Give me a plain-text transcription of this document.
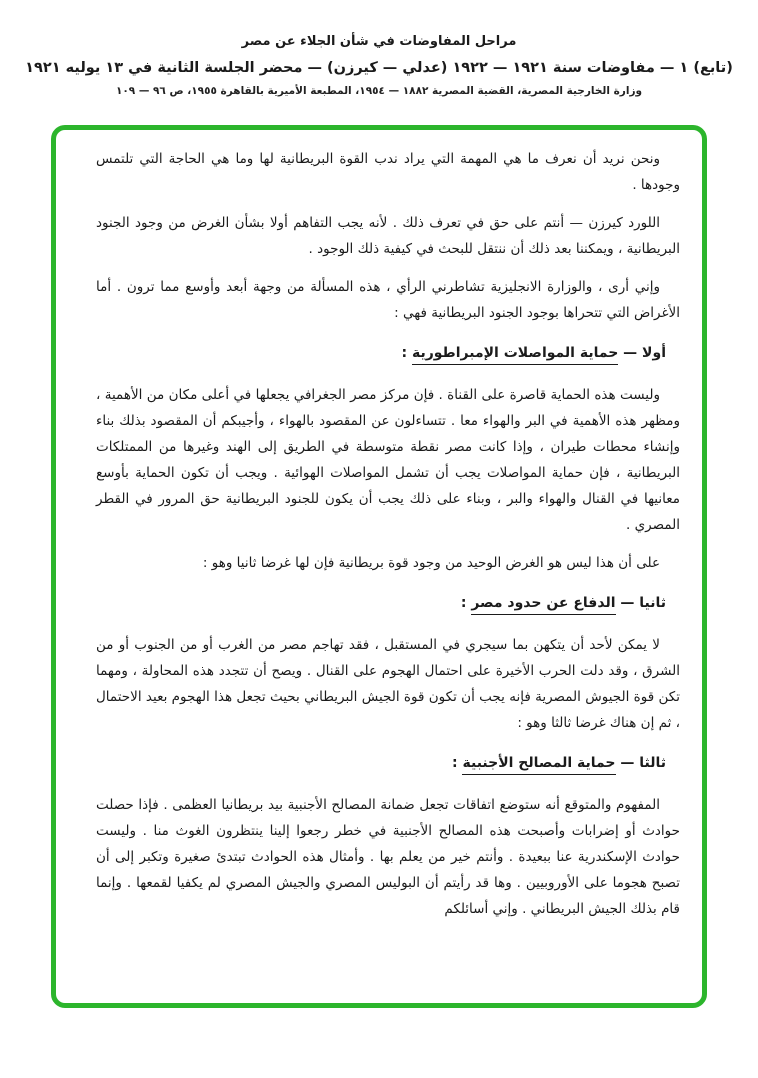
مراحل المفاوضات في شأن الجلاء عن مصر
(تابع) ١ — مفاوضات سنة ١٩٢١ — ١٩٢٢ (عدلي — كيرزن) — محضر الجلسة الثانية في ١٣ يوليه ١٩٢١
وزارة الخارجية المصرية، القضية المصرية ١٨٨٢ — ١٩٥٤، المطبعة الأميرية بالقاهرة ١٩٥٥، ص ٩٦ — ١٠٩

ونحن نريد أن نعرف ما هي المهمة التي يراد ندب القوة البريطانية لها وما هي الحاجة التي تلتمس وجودها .

اللورد كيرزن — أنتم على حق في تعرف ذلك . لأنه يجب التفاهم أولا بشأن الغرض من وجود الجنود البريطانية ، ويمكننا بعد ذلك أن ننتقل للبحث في كيفية ذلك الوجود .

وإني أرى ، والوزارة الانجليزية تشاطرني الرأي ، هذه المسألة من وجهة أبعد وأوسع مما ترون . أما الأغراض التي تتحراها بوجود الجنود البريطانية فهي :

أولا — حماية المواصلات الإمبراطورية :

وليست هذه الحماية قاصرة على القناة . فإن مركز مصر الجغرافي يجعلها في أعلى مكان من الأهمية ، ومظهر هذه الأهمية في البر والهواء معا . تتساءلون عن المقصود بالهواء ، وأجيبكم أن المقصود بذلك بناء وإنشاء محطات طيران ، وإذا كانت مصر نقطة متوسطة في الطريق إلى الهند وغيرها من الممتلكات البريطانية ، فإن حماية المواصلات يجب أن تشمل المواصلات الهوائية . ويجب أن تكون الحماية بأوسع معانيها في القنال والهواء والبر ، وبناء على ذلك يجب أن يكون للجنود البريطانية حق المرور في القطر المصري .

على أن هذا ليس هو الغرض الوحيد من وجود قوة بريطانية فإن لها غرضا ثانيا وهو :

ثانيا — الدفاع عن حدود مصر :

لا يمكن لأحد أن يتكهن بما سيجري في المستقبل ، فقد تهاجم مصر من الغرب أو من الجنوب أو من الشرق ، وقد دلت الحرب الأخيرة على احتمال الهجوم على القنال . ويصح أن تتجدد هذه المحاولة ، ومهما تكن قوة الجيوش المصرية فإنه يجب أن تكون قوة الجيش البريطاني بحيث تجعل هذا الهجوم بعيد الاحتمال ، ثم إن هناك غرضا ثالثا وهو :

ثالثا — حماية المصالح الأجنبية :

المفهوم والمتوقع أنه ستوضع اتفاقات تجعل ضمانة المصالح الأجنبية بيد بريطانيا العظمى . فإذا حصلت حوادث أو إضرابات وأصبحت هذه المصالح الأجنبية في خطر رجعوا إلينا ينتظرون الغوث منا . وليست حوادث الإسكندرية عنا ببعيدة . وأنتم خير من يعلم بها . وأمثال هذه الحوادث تبتدئ صغيرة وتكبر إلى أن تصبح هجوما على الأوروبيين . وها قد رأيتم أن البوليس المصري والجيش المصري لم يكفيا لقمعها . وإنما قام بذلك الجيش البريطاني . وإني أسائلكم
